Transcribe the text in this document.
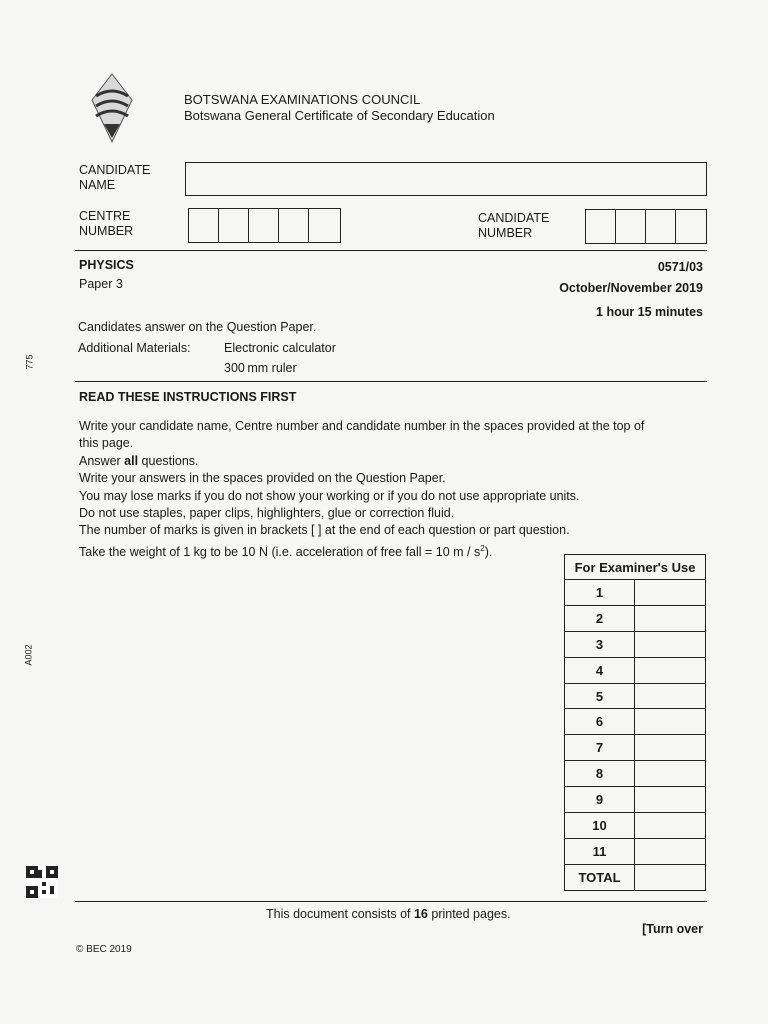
BOTSWANA EXAMINATIONS COUNCIL
Botswana General Certificate of Secondary Education
CANDIDATE
NAME
CENTRE
NUMBER
CANDIDATE
NUMBER
PHYSICS	0571/03
Paper 3	October/November 2019
1 hour 15 minutes
Candidates answer on the Question Paper.
Additional Materials:	Electronic calculator
300 mm ruler
READ THESE INSTRUCTIONS FIRST
Write your candidate name, Centre number and candidate number in the spaces provided at the top of
this page.
Answer all questions.
Write your answers in the spaces provided on the Question Paper.
You may lose marks if you do not show your working or if you do not use appropriate units.
Do not use staples, paper clips, highlighters, glue or correction fluid.
The number of marks is given in brackets [ ] at the end of each question or part question.
Take the weight of 1 kg to be 10 N (i.e. acceleration of free fall = 10 m / $s^2$).
For Examiner's Use	
1	
2	
3	
4	
5	
6	
7	
8	
9	
10	
11	
TOTAL	
775
A002
This document consists of 16 printed pages.
[Turn over
© BEC 2019
